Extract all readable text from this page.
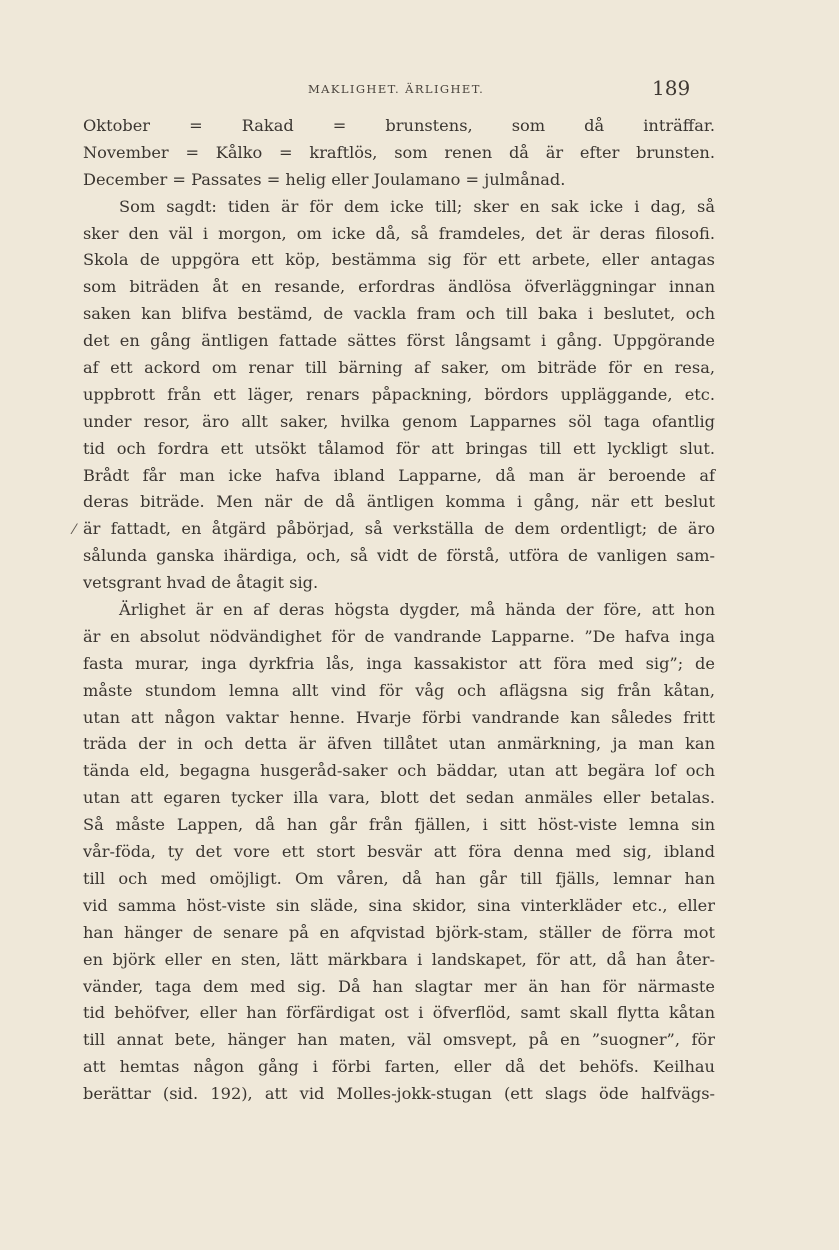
MAKLIGHET. ÄRLIGHET.	189
⁄
Oktober = Rakad = brunstens, som då inträffar.
November = Kålko = kraftlös, som renen då är efter brunsten.
December = Passates = helig eller Joulamano = julmånad.
Som sagdt: tiden är för dem icke till; sker en sak icke i dag, så
sker den väl i morgon, om icke då, så framdeles, det är deras filosofi.
Skola de uppgöra ett köp, bestämma sig för ett arbete, eller antagas
som biträden åt en resande, erfordras ändlösa öfverläggningar innan
saken kan blifva bestämd, de vackla fram och till baka i beslutet, och
det en gång äntligen fattade sättes först långsamt i gång. Uppgörande
af ett ackord om renar till bärning af saker, om biträde för en resa,
uppbrott från ett läger, renars påpackning, bördors uppläggande, etc.
under resor, äro allt saker, hvilka genom Lapparnes söl taga ofantlig
tid och fordra ett utsökt tålamod för att bringas till ett lyckligt slut.
Brådt får man icke hafva ibland Lapparne, då man är beroende af
deras biträde. Men när de då äntligen komma i gång, när ett beslut
är fattadt, en åtgärd påbörjad, så verkställa de dem ordentligt; de äro
sålunda ganska ihärdiga, och, så vidt de förstå, utföra de vanligen sam-
vetsgrant hvad de åtagit sig.
Ärlighet är en af deras högsta dygder, må hända der före, att hon
är en absolut nödvändighet för de vandrande Lapparne. ”De hafva inga
fasta murar, inga dyrkfria lås, inga kassakistor att föra med sig”; de
måste stundom lemna allt vind för våg och aflägsna sig från kåtan,
utan att någon vaktar henne. Hvarje förbi vandrande kan således fritt
träda der in och detta är äfven tillåtet utan anmärkning, ja man kan
tända eld, begagna husgeråd-saker och bäddar, utan att begära lof och
utan att egaren tycker illa vara, blott det sedan anmäles eller betalas.
Så måste Lappen, då han går från fjällen, i sitt höst-viste lemna sin
vår-föda, ty det vore ett stort besvär att föra denna med sig, ibland
till och med omöjligt. Om våren, då han går till fjälls, lemnar han
vid samma höst-viste sin släde, sina skidor, sina vinterkläder etc., eller
han hänger de senare på en afqvistad björk-stam, ställer de förra mot
en björk eller en sten, lätt märkbara i landskapet, för att, då han åter-
vänder, taga dem med sig. Då han slagtar mer än han för närmaste
tid behöfver, eller han förfärdigat ost i öfverflöd, samt skall flytta kåtan
till annat bete, hänger han maten, väl omsvept, på en ”suogner”, för
att hemtas någon gång i förbi farten, eller då det behöfs. Keilhau
berättar (sid. 192), att vid Molles-jokk-stugan (ett slags öde halfvägs-
